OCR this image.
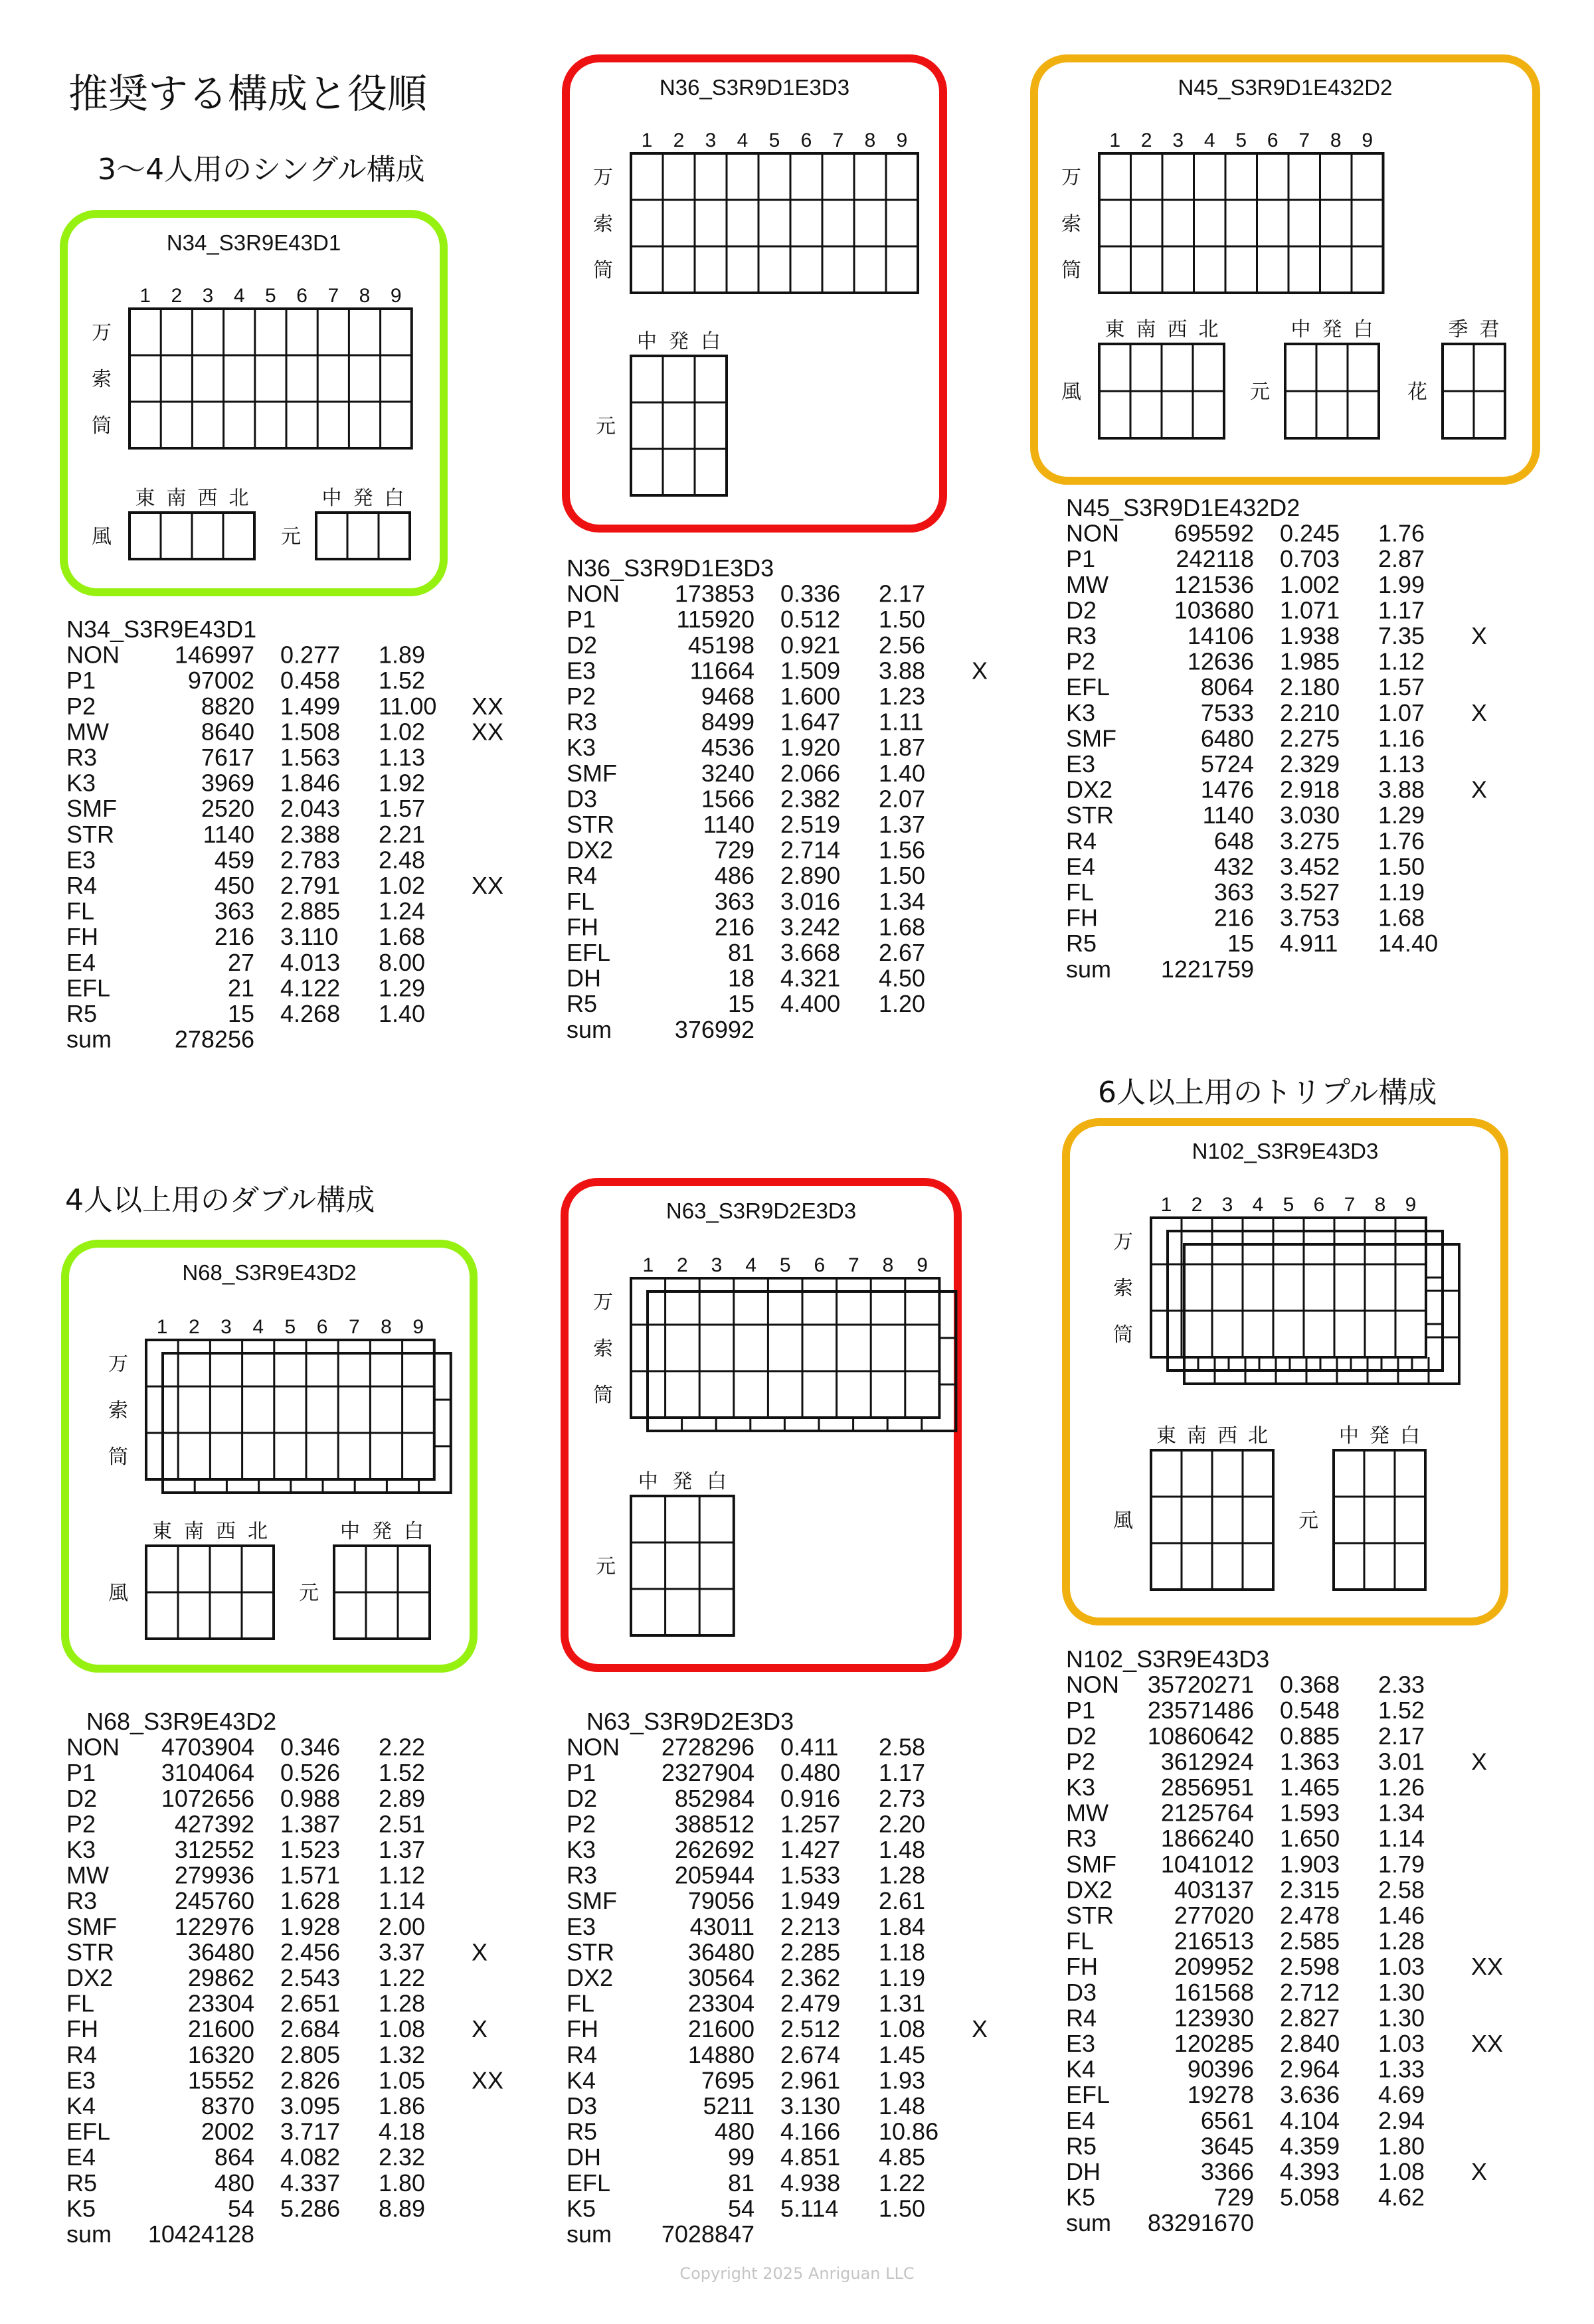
推奨する構成と役順
3〜4人用のシングル構成
4人以上用のダブル構成
6人以上用のトリプル構成
N34_S3R9E43D1
1 2 3 4 5 6 7 8 9
万
索
筒
東 南 西 北
風
中 発 白
元
N36_S3R9D1E3D3
1 2 3 4 5 6 7 8 9
万
索
筒
中 発 白
元
N45_S3R9D1E432D2
1 2 3 4 5 6 7 8 9
万
索
筒
東 南 西 北
風
中 発 白
元
季 君
花
N68_S3R9E43D2
1 2 3 4 5 6 7 8 9
万
索
筒
東 南 西 北
風
中 発 白
元
N63_S3R9D2E3D3
1 2 3 4 5 6 7 8 9
万
索
筒
中 発 白
元
N102_S3R9E43D3
1 2 3 4 5 6 7 8 9
万
索
筒
東 南 西 北
風
中 発 白
元
N34_S3R9E43D1
NON 146997 0.277 1.89
P1	97002 0.458 1.52
P2	8820 1.499 11.00 XX
MW	8640 1.508 1.02 XX
R3	7617 1.563 1.13
K3	3969 1.846 1.92
SMF	2520 2.043 1.57
STR	1140 2.388 2.21
E3	459 2.783 2.48
R4	450 2.791 1.02 XX
FL	363 2.885 1.24
FH	216 3.110 1.68
E4	27 4.013 8.00
EFL	21 4.122 1.29
R5	15 4.268 1.40
sum	278256
N36_S3R9D1E3D3
NON 173853 0.336 2.17
P1	115920 0.512 1.50
D2	45198 0.921 2.56
E3	11664 1.509 3.88 X
P2	9468 1.600 1.23
R3	8499 1.647 1.11
K3	4536 1.920 1.87
SMF	3240 2.066 1.40
D3	1566 2.382 2.07
STR	1140 2.519 1.37
DX2	729 2.714 1.56
R4	486 2.890 1.50
FL	363 3.016 1.34
FH	216 3.242 1.68
EFL	81 3.668 2.67
DH	18 4.321 4.50
R5	15 4.400 1.20
sum	376992
N45_S3R9D1E432D2
NON 695592 0.245 1.76
P1	242118 0.703 2.87
MW	121536 1.002 1.99
D2	103680 1.071 1.17
R3	14106 1.938 7.35 X
P2	12636 1.985 1.12
EFL	8064 2.180 1.57
K3	7533 2.210 1.07 X
SMF	6480 2.275 1.16
E3	5724 2.329 1.13
DX2	1476 2.918 3.88 X
STR	1140 3.030 1.29
R4	648 3.275 1.76
E4	432 3.452 1.50
FL	363 3.527 1.19
FH	216 3.753 1.68
R5	15 4.911 14.40
sum 1221759
N68_S3R9E43D2
NON 4703904 0.346 2.22
P1	3104064 0.526 1.52
D2	1072656 0.988 2.89
P2	427392 1.387 2.51
K3	312552 1.523 1.37
MW	279936 1.571 1.12
R3	245760 1.628 1.14
SMF 122976 1.928 2.00
STR	36480 2.456 3.37 X
DX2	29862 2.543 1.22
FL	23304 2.651 1.28
FH	21600 2.684 1.08 X
R4	16320 2.805 1.32
E3	15552 2.826 1.05 XX
K4	8370 3.095 1.86
EFL	2002 3.717 4.18
E4	864 4.082 2.32
R5	480 4.337 1.80
K5	54 5.286 8.89
sum 10424128
N63_S3R9D2E3D3
NON 2728296 0.411 2.58
P1	2327904 0.480 1.17
D2	852984 0.916 2.73
P2	388512 1.257 2.20
K3	262692 1.427 1.48
R3	205944 1.533 1.28
SMF	79056 1.949 2.61
E3	43011 2.213 1.84
STR	36480 2.285 1.18
DX2	30564 2.362 1.19
FL	23304 2.479 1.31
FH	21600 2.512 1.08 X
R4	14880 2.674 1.45
K4	7695 2.961 1.93
D3	5211 3.130 1.48
R5	480 4.166 10.86
DH	99 4.851 4.85
EFL	81 4.938 1.22
K5	54 5.114 1.50
sum 7028847
N102_S3R9E43D3
NON 35720271 0.368 2.33
P1 23571486 0.548 1.52
D2 10860642 0.885 2.17
P2	3612924 1.363 3.01 X
K3	2856951 1.465 1.26
MW 2125764 1.593 1.34
R3	1866240 1.650 1.14
SMF 1041012 1.903 1.79
DX2	403137 2.315 2.58
STR	277020 2.478 1.46
FL	216513 2.585 1.28
FH	209952 2.598 1.03 XX
D3	161568 2.712 1.30
R4	123930 2.827 1.30
E3	120285 2.840 1.03 XX
K4	90396 2.964 1.33
EFL	19278 3.636 4.69
E4	6561 4.104 2.94
R5	3645 4.359 1.80
DH	3366 4.393 1.08 X
K5	729 5.058 4.62
sum 83291670
Copyright 2025 Anriguan LLC
